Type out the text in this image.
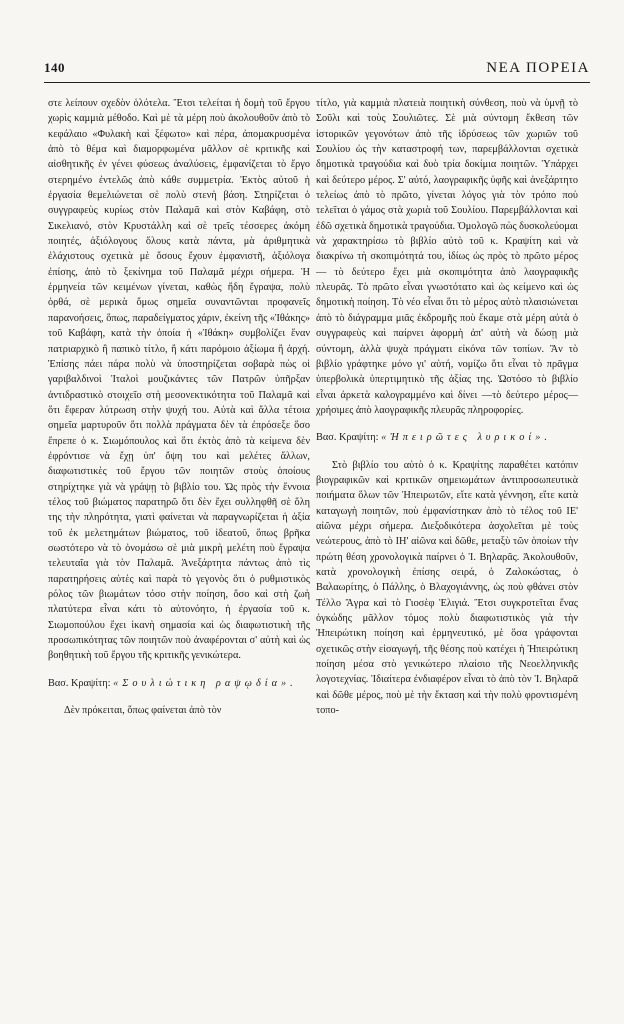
140	ΝΕΑ ΠΟΡΕΙΑ

στε λείπουν σχεδὸν ὁλότελα. Ἔτσι τελείται ἡ δομὴ τοῦ ἔργου χωρὶς καμμιὰ μέθοδο. Καὶ μὲ τὰ μέρη ποὺ ἀκολουθοῦν ἀπὸ τὸ κεφάλαιο «Φυλακὴ καὶ ξέφωτο» καὶ πέρα, ἀπομακρυσμένα ἀπὸ τὸ θέμα καὶ διαμορφωμένα μᾶλλον σὲ κριτικῆς καὶ αἰσθητικῆς ἐν γένει φύσεως ἀναλύσεις, ἐμφανίζεται τὸ ἔργο στερημένο ἐντελῶς ἀπὸ κάθε συμμετρία. Ἐκτὸς αὐτοῦ ἡ ἐργασία θεμελιώνεται σὲ πολὺ στενὴ βάση. Στηρίζεται ὁ συγγραφεὺς κυρίως στὸν Παλαμᾶ καὶ στὸν Καβάφη, στὸ Σικελιανό, στὸν Κρυστάλλη καὶ σὲ τρεῖς τέσσερες ἀκόμη ποιητές, ἀξιόλογους ὅλους κατὰ πάντα, μὰ ἀριθμητικὰ ἐλάχιστους σχετικὰ μὲ ὅσους ἔχουν ἐμφανιστῆ, ἀξιόλογα ἐπίσης, ἀπὸ τὸ ξεκίνημα τοῦ Παλαμᾶ μέχρι σήμερα. Ἡ ἑρμηνεία τῶν κειμένων γίνεται, καθὼς ἤδη ἔγραψα, πολὺ ὀρθά, σὲ μερικὰ ὅμως σημεῖα συναντῶνται προφανεῖς παρανοήσεις, ὅπως, παραδείγματος χάριν, ἐκείνη τῆς «Ἰθάκης» τοῦ Καβάφη, κατὰ τὴν ὁποία ἡ «Ἰθάκη» συμβολίζει ἕναν πατριαρχικὸ ἢ παπικὸ τίτλο, ἢ κάτι παρόμοιο ἀξίωμα ἢ ἀρχή. Ἐπίσης πάει πάρα πολὺ νὰ ὑποστηρίζεται σοβαρὰ πὼς οἱ γαριβαλδινοὶ Ἰταλοὶ μουζικάντες τῶν Πατρῶν ὑπῆρξαν ἀντιδραστικὸ στοιχεῖο στὴ μεσονεκτικότητα τοῦ Παλαμᾶ καὶ ὅτι ἔφεραν λύτρωση στὴν ψυχή του. Αὐτὰ καὶ ἄλλα τέτοια σημεῖα μαρτυροῦν ὅτι πολλὰ πράγματα δὲν τὰ ἐπρόσεξε ὅσο ἔπρεπε ὁ κ. Σιωμόπουλος καὶ ὅτι ἐκτὸς ἀπὸ τὰ κείμενα δὲν ἐφρόντισε νὰ ἔχῃ ὑπ' ὄψη του καὶ μελέτες ἄλλων, διαφωτιστικὲς τοῦ ἔργου τῶν ποιητῶν στοὺς ὁποίους στηρίχτηκε γιὰ νὰ γράψῃ τὸ βιβλίο του. Ὡς πρὸς τὴν ἔννοια τέλος τοῦ βιώματος παρατηρῶ ὅτι δὲν ἔχει συλληφθῆ σὲ ὅλη της τὴν πληρότητα, γιατὶ φαίνεται νὰ παραγνωρίζεται ἡ ἀξία τοῦ ἐκ μελετημάτων βιώματος, τοῦ ἰδεατοῦ, ὅπως βρῆκα σωστότερο νὰ τὸ ὀνομάσω σὲ μιὰ μικρὴ μελέτη ποὺ ἔγραψα τελευταῖα γιὰ τὸν Παλαμᾶ. Ἀνεξάρτητα πάντως ἀπὸ τὶς παρατηρήσεις αὐτὲς καὶ παρὰ τὸ γεγονὸς ὅτι ὁ ρυθμιστικὸς ρόλος τῶν βιωμάτων τόσο στὴν ποίηση, ὅσο καὶ στὴ ζωὴ πλατύτερα εἶναι κάτι τὸ αὐτονόητο, ἡ ἐργασία τοῦ κ. Σιωμοπούλου ἔχει ἱκανὴ σημασία καὶ ὡς διαφωτιστικὴ τῆς προσωπικότητας τῶν ποιητῶν ποὺ ἀναφέρονται σ' αὐτὴ καὶ ὡς βοηθητικὴ τοῦ ἔργου τῆς κριτικῆς γενικώτερα.

Βασ. Κραψίτη: «Σουλιώτικη ραψῳδία».

Δὲν πρόκειται, ὅπως φαίνεται ἀπὸ τὸν

τίτλο, γιὰ καμμιὰ πλατειὰ ποιητικὴ σύνθεση, ποὺ νὰ ὑμνῇ τὸ Σοῦλι καὶ τοὺς Σουλιῶτες. Σὲ μιὰ σύντομη ἔκθεση τῶν ἱστορικῶν γεγονότων ἀπὸ τῆς ἱδρύσεως τῶν χωριῶν τοῦ Σουλίου ὡς τὴν καταστροφή των, παρεμβάλλονται σχετικὰ δημοτικὰ τραγούδια καὶ δυὸ τρία δοκίμια ποιητῶν. Ὑπάρχει καὶ δεύτερο μέρος. Σ' αὐτό, λαογραφικῆς ὑφῆς καὶ ἀνεξάρτητο τελείως ἀπὸ τὸ πρῶτο, γίνεται λόγος γιὰ τὸν τρόπο ποὺ τελεῖται ὁ γάμος στὰ χωριὰ τοῦ Σουλίου. Παρεμβάλλονται καὶ ἐδῶ σχετικὰ δημοτικὰ τραγούδια. Ὁμολογῶ πὼς δυσκολεύομαι νὰ χαρακτηρίσω τὸ βιβλίο αὐτὸ τοῦ κ. Κραψίτη καὶ νὰ διακρίνω τὴ σκοπιμότητά του, ἰδίως ὡς πρὸς τὸ πρῶτο μέρος — τὸ δεύτερο ἔχει μιὰ σκοπιμότητα ἀπὸ λαογραφικῆς πλευρᾶς. Τὸ πρῶτο εἶναι γνωστότατο καὶ ὡς κείμενο καὶ ὡς δημοτικὴ ποίηση. Τὸ νέο εἶναι ὅτι τὸ μέρος αὐτὸ πλαισιώνεται ἀπὸ τὸ διάγραμμα μιᾶς ἐκδρομῆς ποὺ ἔκαμε στὰ μέρη αὐτὰ ὁ συγγραφεὺς καὶ παίρνει ἀφορμὴ ἀπ' αὐτὴ νὰ δώσῃ μιὰ σύντομη, ἀλλὰ ψυχὰ πράγματι εἰκόνα τῶν τοπίων. Ἂν τὸ βιβλίο γράφτηκε μόνο γι' αὐτή, νομίζω ὅτι εἶναι τὸ πρᾶγμα ὑπερβολικὰ ὑπερτιμητικὸ τῆς ἀξίας της. Ὡστόσο τὸ βιβλίο εἶναι ἀρκετὰ καλογραμμένο καὶ δίνει —τὸ δεύτερο μέρος— χρήσιμες ἀπὸ λαογραφικῆς πλευρᾶς πληροφορίες.

Βασ. Κραψίτη: «Ἠπειρῶτες λυρικοί».

Στὸ βιβλίο του αὐτὸ ὁ κ. Κραψίτης παραθέτει κατόπιν βιογραφικῶν καὶ κριτικῶν σημειωμάτων ἀντιπροσωπευτικὰ ποιήματα ὅλων τῶν Ἠπειρωτῶν, εἴτε κατὰ γέννηση, εἴτε κατὰ καταγωγὴ ποιητῶν, ποὺ ἐμφανίστηκαν ἀπὸ τὸ τέλος τοῦ ΙΕ' αἰῶνα μέχρι σήμερα. Διεξοδικότερα ἀσχολεῖται μὲ τοὺς νεώτερους, ἀπὸ τὸ ΙΗ' αἰῶνα καὶ δῶθε, μεταξὺ τῶν ὁποίων τὴν πρώτη θέση χρονολογικὰ παίρνει ὁ Ἰ. Βηλαρᾶς. Ἀκολουθοῦν, κατὰ χρονολογικὴ ἐπίσης σειρά, ὁ Ζαλοκώστας, ὁ Βαλαωρίτης, ὁ Πάλλης, ὁ Βλαχογιάννης, ὡς ποὺ φθάνει στὸν Τέλλο Ἄγρα καὶ τὸ Γιοσὲφ Ἐλιγιά. Ἔτσι συγκροτεῖται ἕνας ὀγκώδης μᾶλλον τόμος πολὺ διαφωτιστικὸς γιὰ τὴν Ἠπειρώτικη ποίηση καὶ ἑρμηνευτικό, μὲ ὅσα γράφονται σχετικῶς στὴν εἰσαγωγή, τῆς θέσης ποὺ κατέχει ἡ Ἠπειρώτικη ποίηση μέσα στὸ γενικώτερο πλαίσιο τῆς Νεοελληνικῆς λογοτεχνίας. Ἰδιαίτερα ἐνδιαφέρον εἶναι τὸ ἀπὸ τὸν Ἰ. Βηλαρᾶ καὶ δῶθε μέρος, ποὺ μὲ τὴν ἔκταση καὶ τὴν πολὺ φροντισμένη τοπο-
